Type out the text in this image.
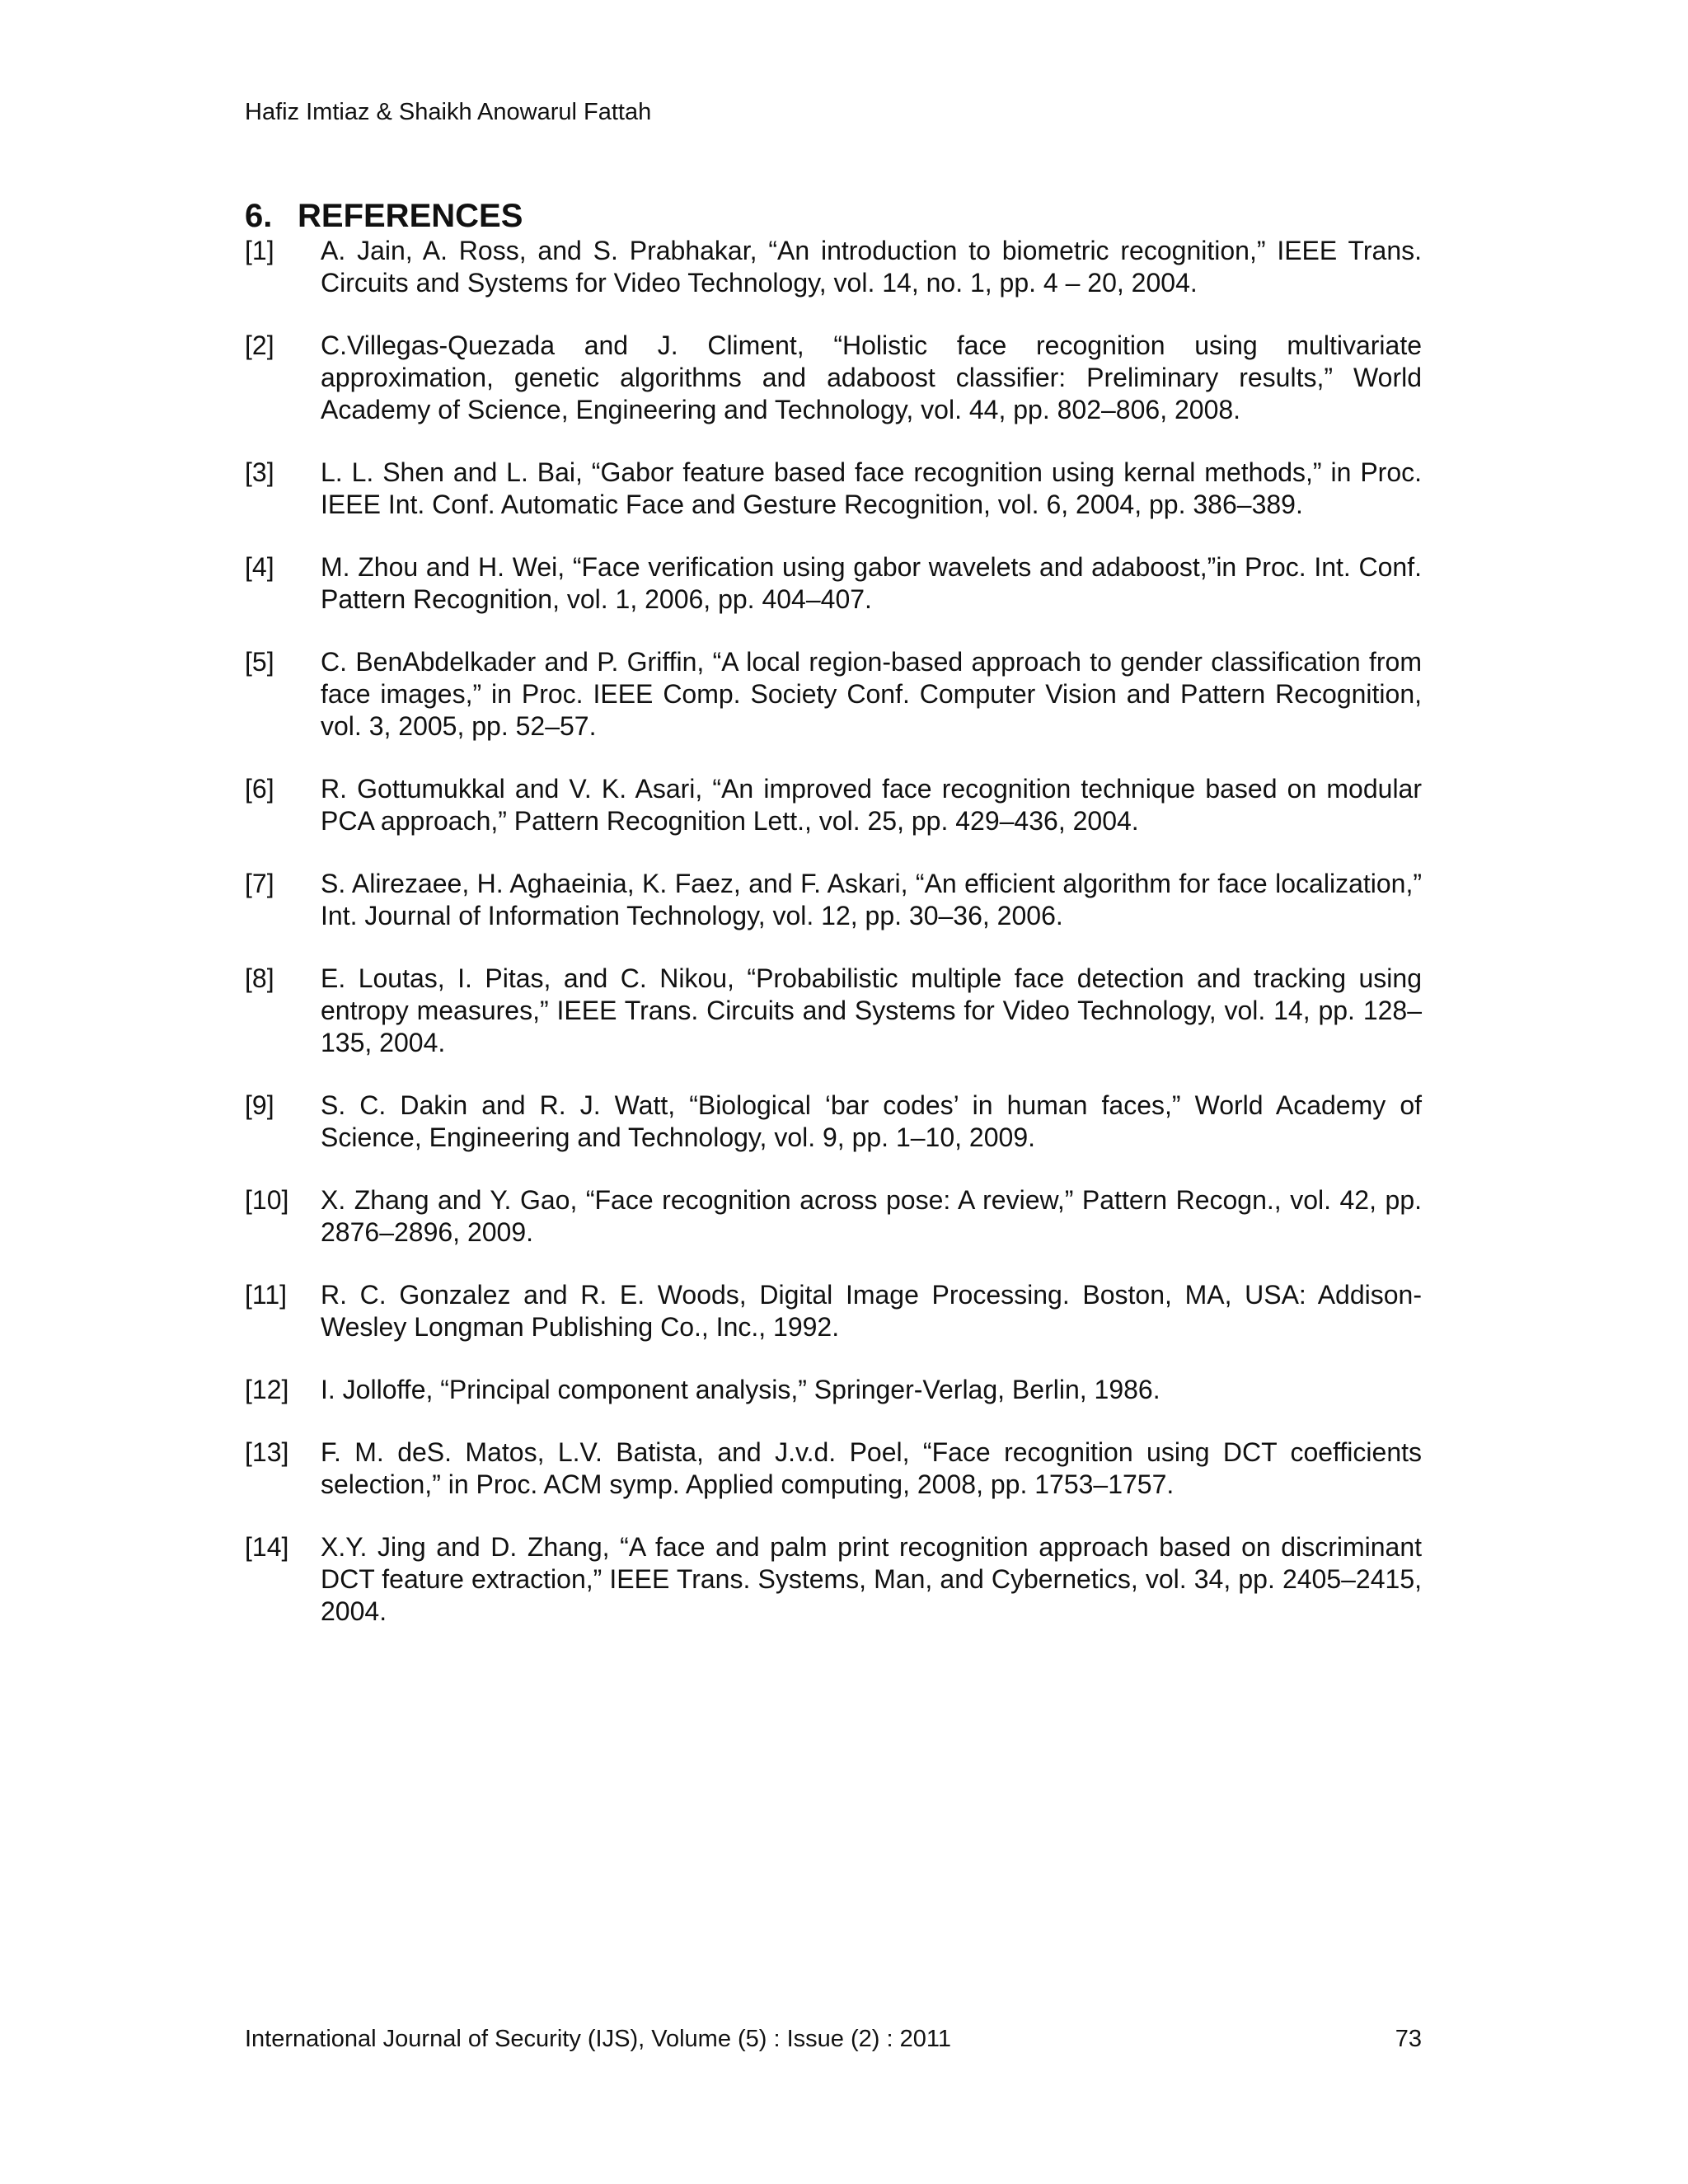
Hafiz Imtiaz & Shaikh Anowarul Fattah
6. REFERENCES
[1] A. Jain, A. Ross, and S. Prabhakar, “An introduction to biometric recognition,” IEEE Trans. Circuits and Systems for Video Technology, vol. 14, no. 1, pp. 4 – 20, 2004.
[2] C.Villegas-Quezada and J. Climent, “Holistic face recognition using multivariate approximation, genetic algorithms and adaboost classifier: Preliminary results,” World Academy of Science, Engineering and Technology, vol. 44, pp. 802–806, 2008.
[3] L. L. Shen and L. Bai, “Gabor feature based face recognition using kernal methods,” in Proc. IEEE Int. Conf. Automatic Face and Gesture Recognition, vol. 6, 2004, pp. 386–389.
[4] M. Zhou and H. Wei, “Face verification using gabor wavelets and adaboost,”in Proc. Int. Conf. Pattern Recognition, vol. 1, 2006, pp. 404–407.
[5] C. BenAbdelkader and P. Griffin, “A local region-based approach to gender classification from face images,” in Proc. IEEE Comp. Society Conf. Computer Vision and Pattern Recognition, vol. 3, 2005, pp. 52–57.
[6] R. Gottumukkal and V. K. Asari, “An improved face recognition technique based on modular PCA approach,” Pattern Recognition Lett., vol. 25, pp. 429–436, 2004.
[7] S. Alirezaee, H. Aghaeinia, K. Faez, and F. Askari, “An efficient algorithm for face localization,” Int. Journal of Information Technology, vol. 12, pp. 30–36, 2006.
[8] E. Loutas, I. Pitas, and C. Nikou, “Probabilistic multiple face detection and tracking using entropy measures,” IEEE Trans. Circuits and Systems for Video Technology, vol. 14, pp. 128–135, 2004.
[9] S. C. Dakin and R. J. Watt, “Biological ‘bar codes’ in human faces,” World Academy of Science, Engineering and Technology, vol. 9, pp. 1–10, 2009.
[10] X. Zhang and Y. Gao, “Face recognition across pose: A review,” Pattern Recogn., vol. 42, pp. 2876–2896, 2009.
[11] R. C. Gonzalez and R. E. Woods, Digital Image Processing. Boston, MA, USA: Addison-Wesley Longman Publishing Co., Inc., 1992.
[12] I. Jolloffe, “Principal component analysis,” Springer-Verlag, Berlin, 1986.
[13] F. M. deS. Matos, L.V. Batista, and J.v.d. Poel, “Face recognition using DCT coefficients selection,” in Proc. ACM symp. Applied computing, 2008, pp. 1753–1757.
[14] X.Y. Jing and D. Zhang, “A face and palm print recognition approach based on discriminant DCT feature extraction,” IEEE Trans. Systems, Man, and Cybernetics, vol. 34, pp. 2405–2415, 2004.
International Journal of Security (IJS), Volume (5) : Issue (2) : 2011	73
